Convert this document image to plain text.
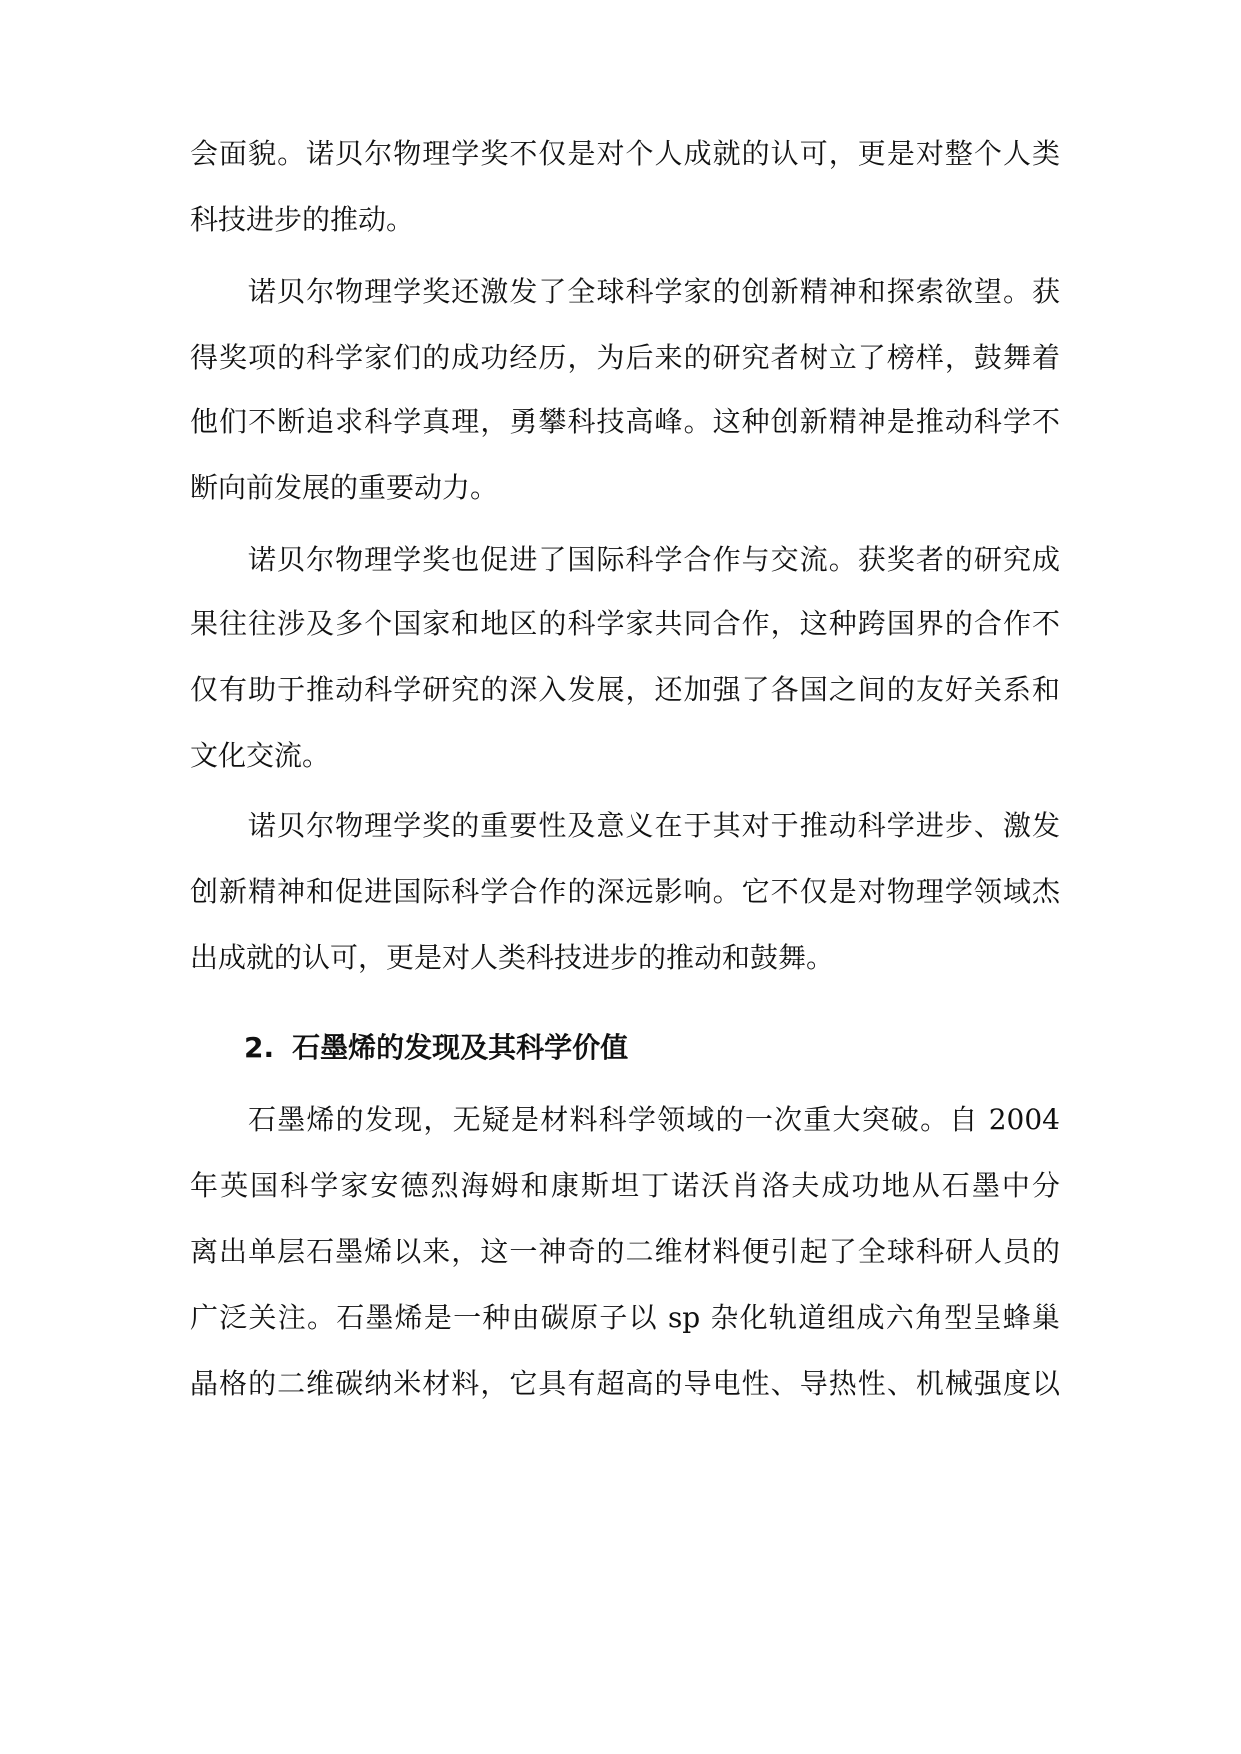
会面貌。诺贝尔物理学奖不仅是对个人成就的认可，更是对整个人类
科技进步的推动。
诺贝尔物理学奖还激发了全球科学家的创新精神和探索欲望。获
得奖项的科学家们的成功经历，为后来的研究者树立了榜样，鼓舞着
他们不断追求科学真理，勇攀科技高峰。这种创新精神是推动科学不
断向前发展的重要动力。
诺贝尔物理学奖也促进了国际科学合作与交流。获奖者的研究成
果往往涉及多个国家和地区的科学家共同合作，这种跨国界的合作不
仅有助于推动科学研究的深入发展，还加强了各国之间的友好关系和
文化交流。
诺贝尔物理学奖的重要性及意义在于其对于推动科学进步、激发
创新精神和促进国际科学合作的深远影响。它不仅是对物理学领域杰
出成就的认可，更是对人类科技进步的推动和鼓舞。
2. 石墨烯的发现及其科学价值
石墨烯的发现，无疑是材料科学领域的一次重大突破。自 2004
年英国科学家安德烈海姆和康斯坦丁诺沃肖洛夫成功地从石墨中分
离出单层石墨烯以来，这一神奇的二维材料便引起了全球科研人员的
广泛关注。石墨烯是一种由碳原子以 sp 杂化轨道组成六角型呈蜂巢
晶格的二维碳纳米材料，它具有超高的导电性、导热性、机械强度以
